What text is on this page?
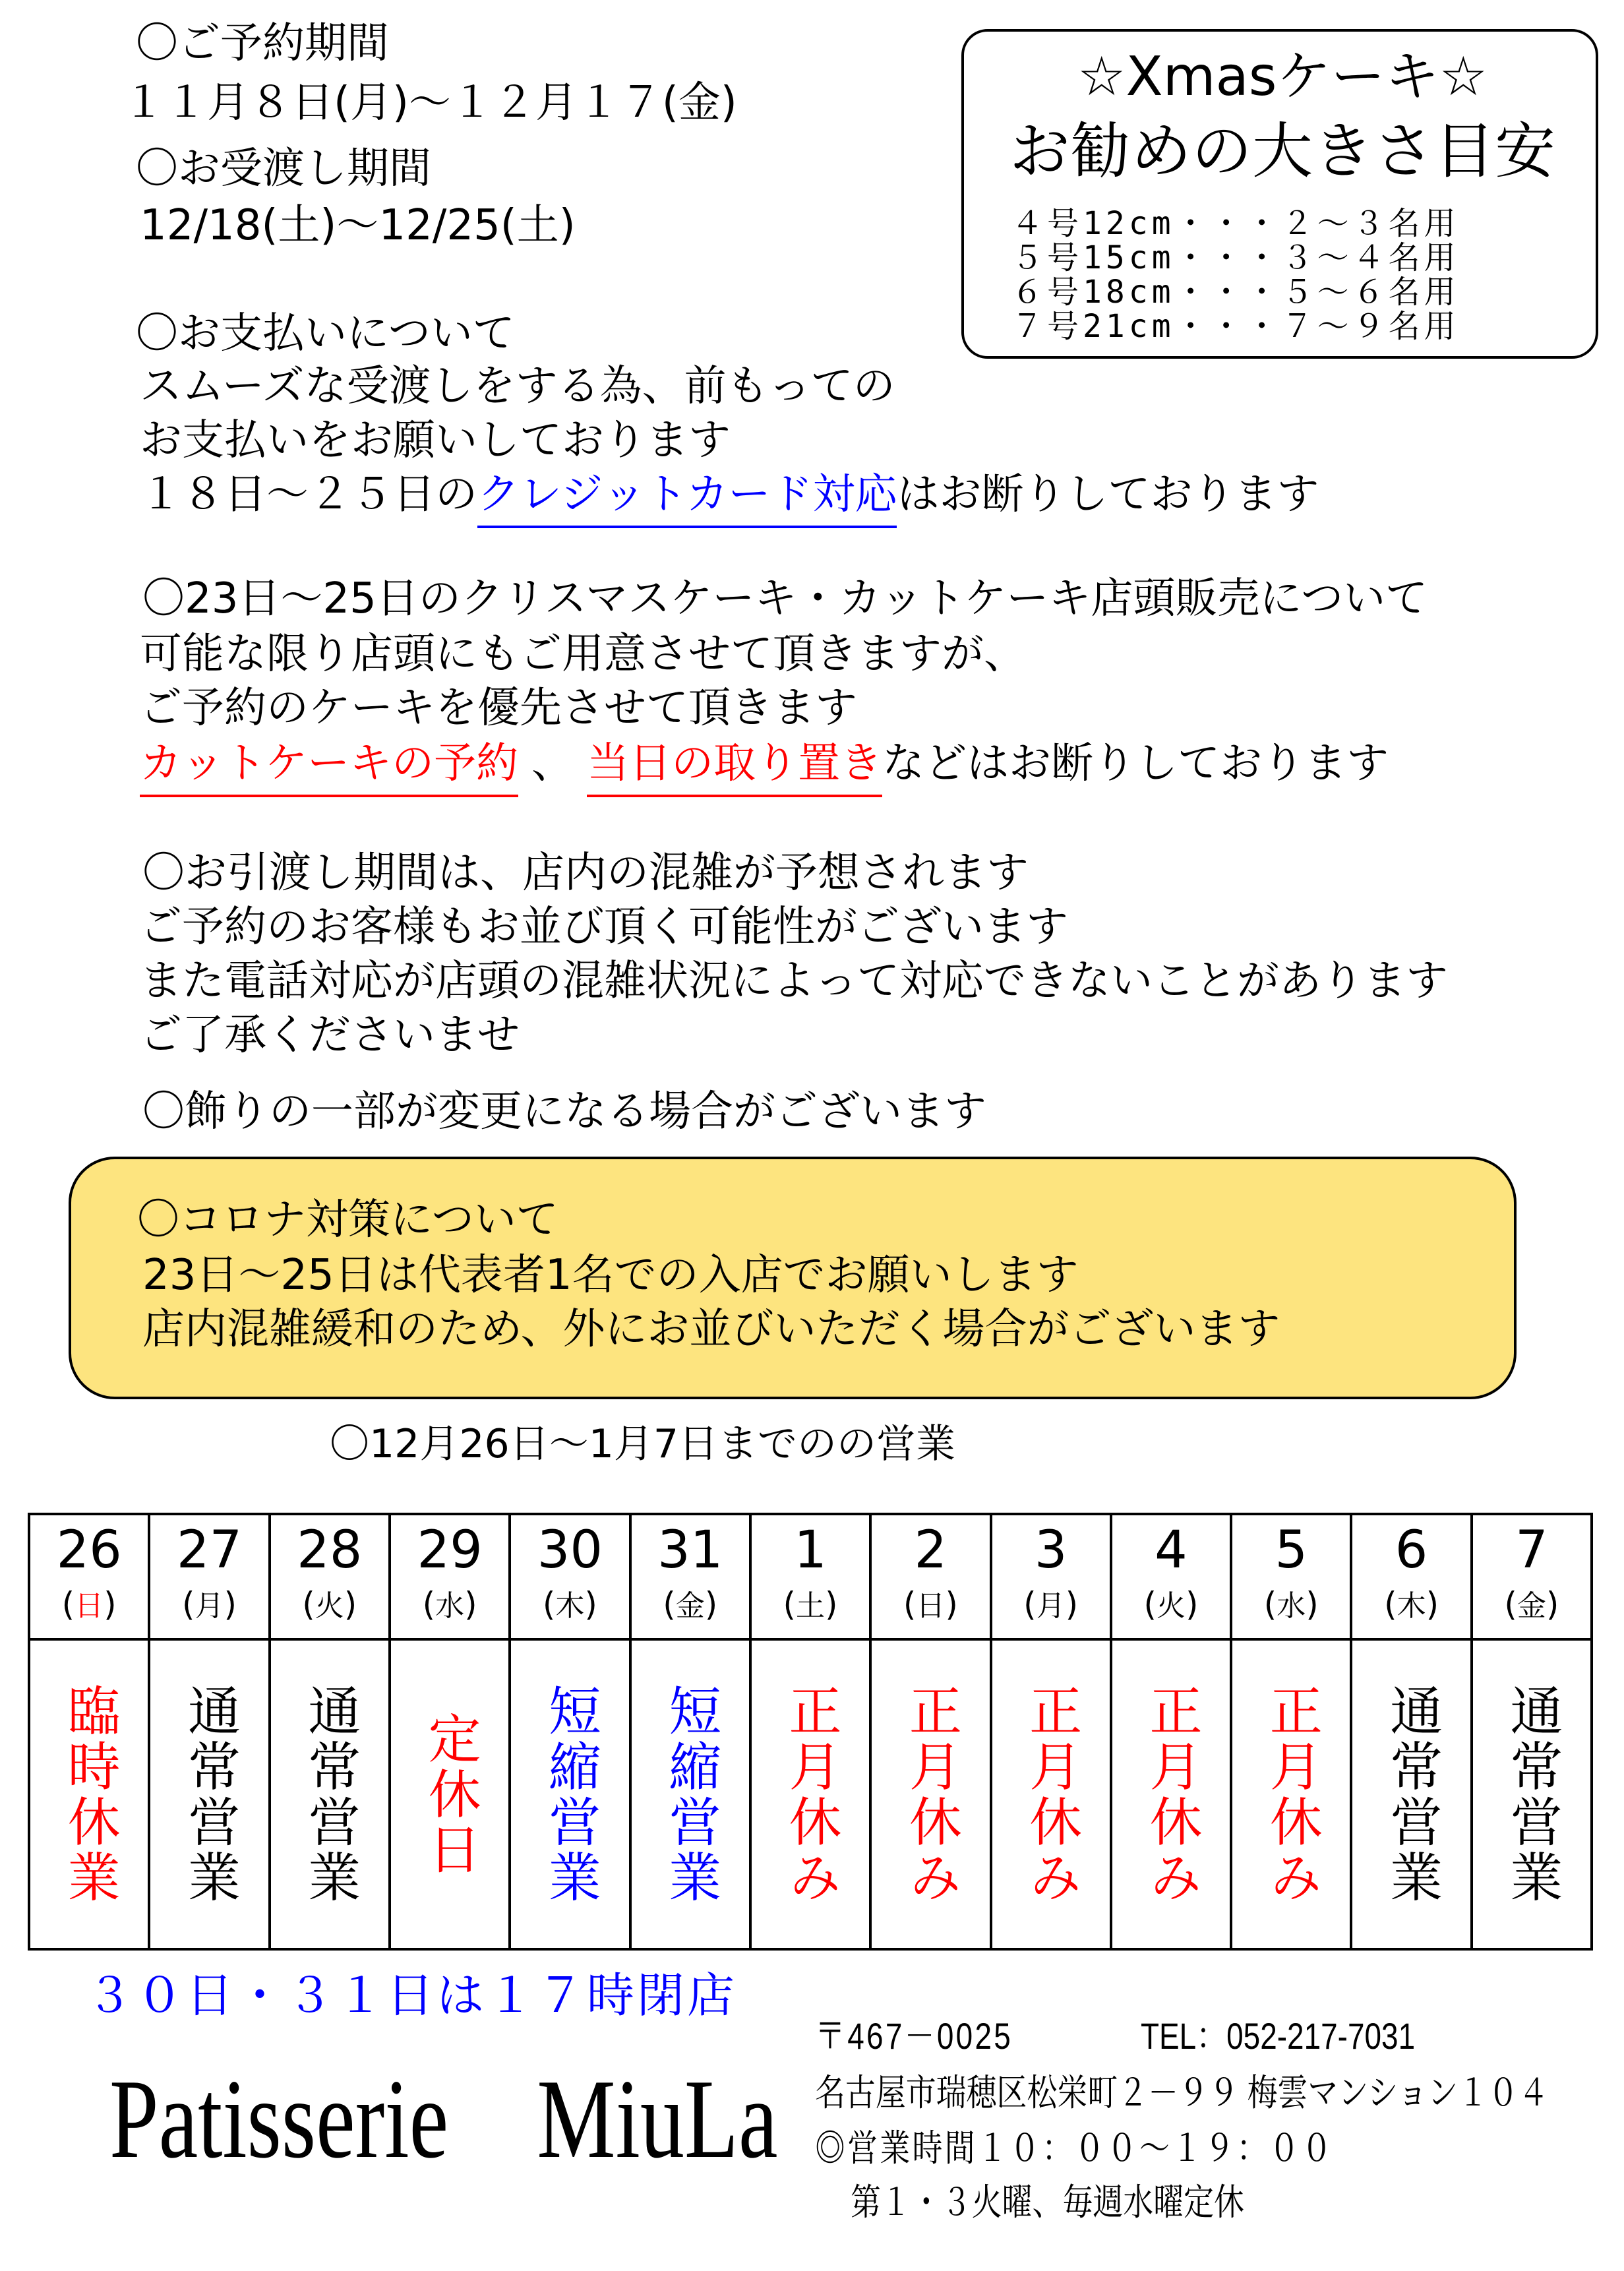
〇ご予約期間
１１月８日(月)～１２月１７(金)
〇お受渡し期間
12/18(土)～12/25(土)
〇お支払いについて
スムーズな受渡しをする為、前もっての
お支払いをお願いしております
１８日～２５日のクレジットカード対応はお断りしております
〇23日～25日のクリスマスケーキ・カットケーキ店頭販売について
可能な限り店頭にもご用意させて頂きますが、
ご予約のケーキを優先させて頂きます
カットケーキの予約 、 当日の取り置きなどはお断りしております
〇お引渡し期間は、店内の混雑が予想されます
ご予約のお客様もお並び頂く可能性がございます
また電話対応が店頭の混雑状況によって対応できないことがあります
ご了承くださいませ
〇飾りの一部が変更になる場合がございます
☆Xmasケーキ☆
お勧めの大きさ目安
４号12cm・・・２～３名用
５号15cm・・・３～４名用
６号18cm・・・５～６名用
７号21cm・・・７～９名用
〇コロナ対策について
23日～25日は代表者1名での入店でお願いします
店内混雑緩和のため、外にお並びいただく場合がございます
〇12月26日～1月7日までのの営業
26
(日)
臨時休業
27
(月)
通常営業
28
(火)
通常営業
29
(水)
定休日
30
(木)
短縮営業
31
(金)
短縮営業
1
(土)
正月休み
2
(日)
正月休み
3
(月)
正月休み
4
(火)
正月休み
5
(水)
正月休み
6
(木)
通常営業
7
(金)
通常営業
３０日・３１日は１７時閉店
Patisserie　MiuLa
〒467－0025	TEL：052-217-7031
名古屋市瑞穂区松栄町２－９９ 梅雲マンション１０４
◎営業時間１０：００～１９：００
第１・３火曜、毎週水曜定休
